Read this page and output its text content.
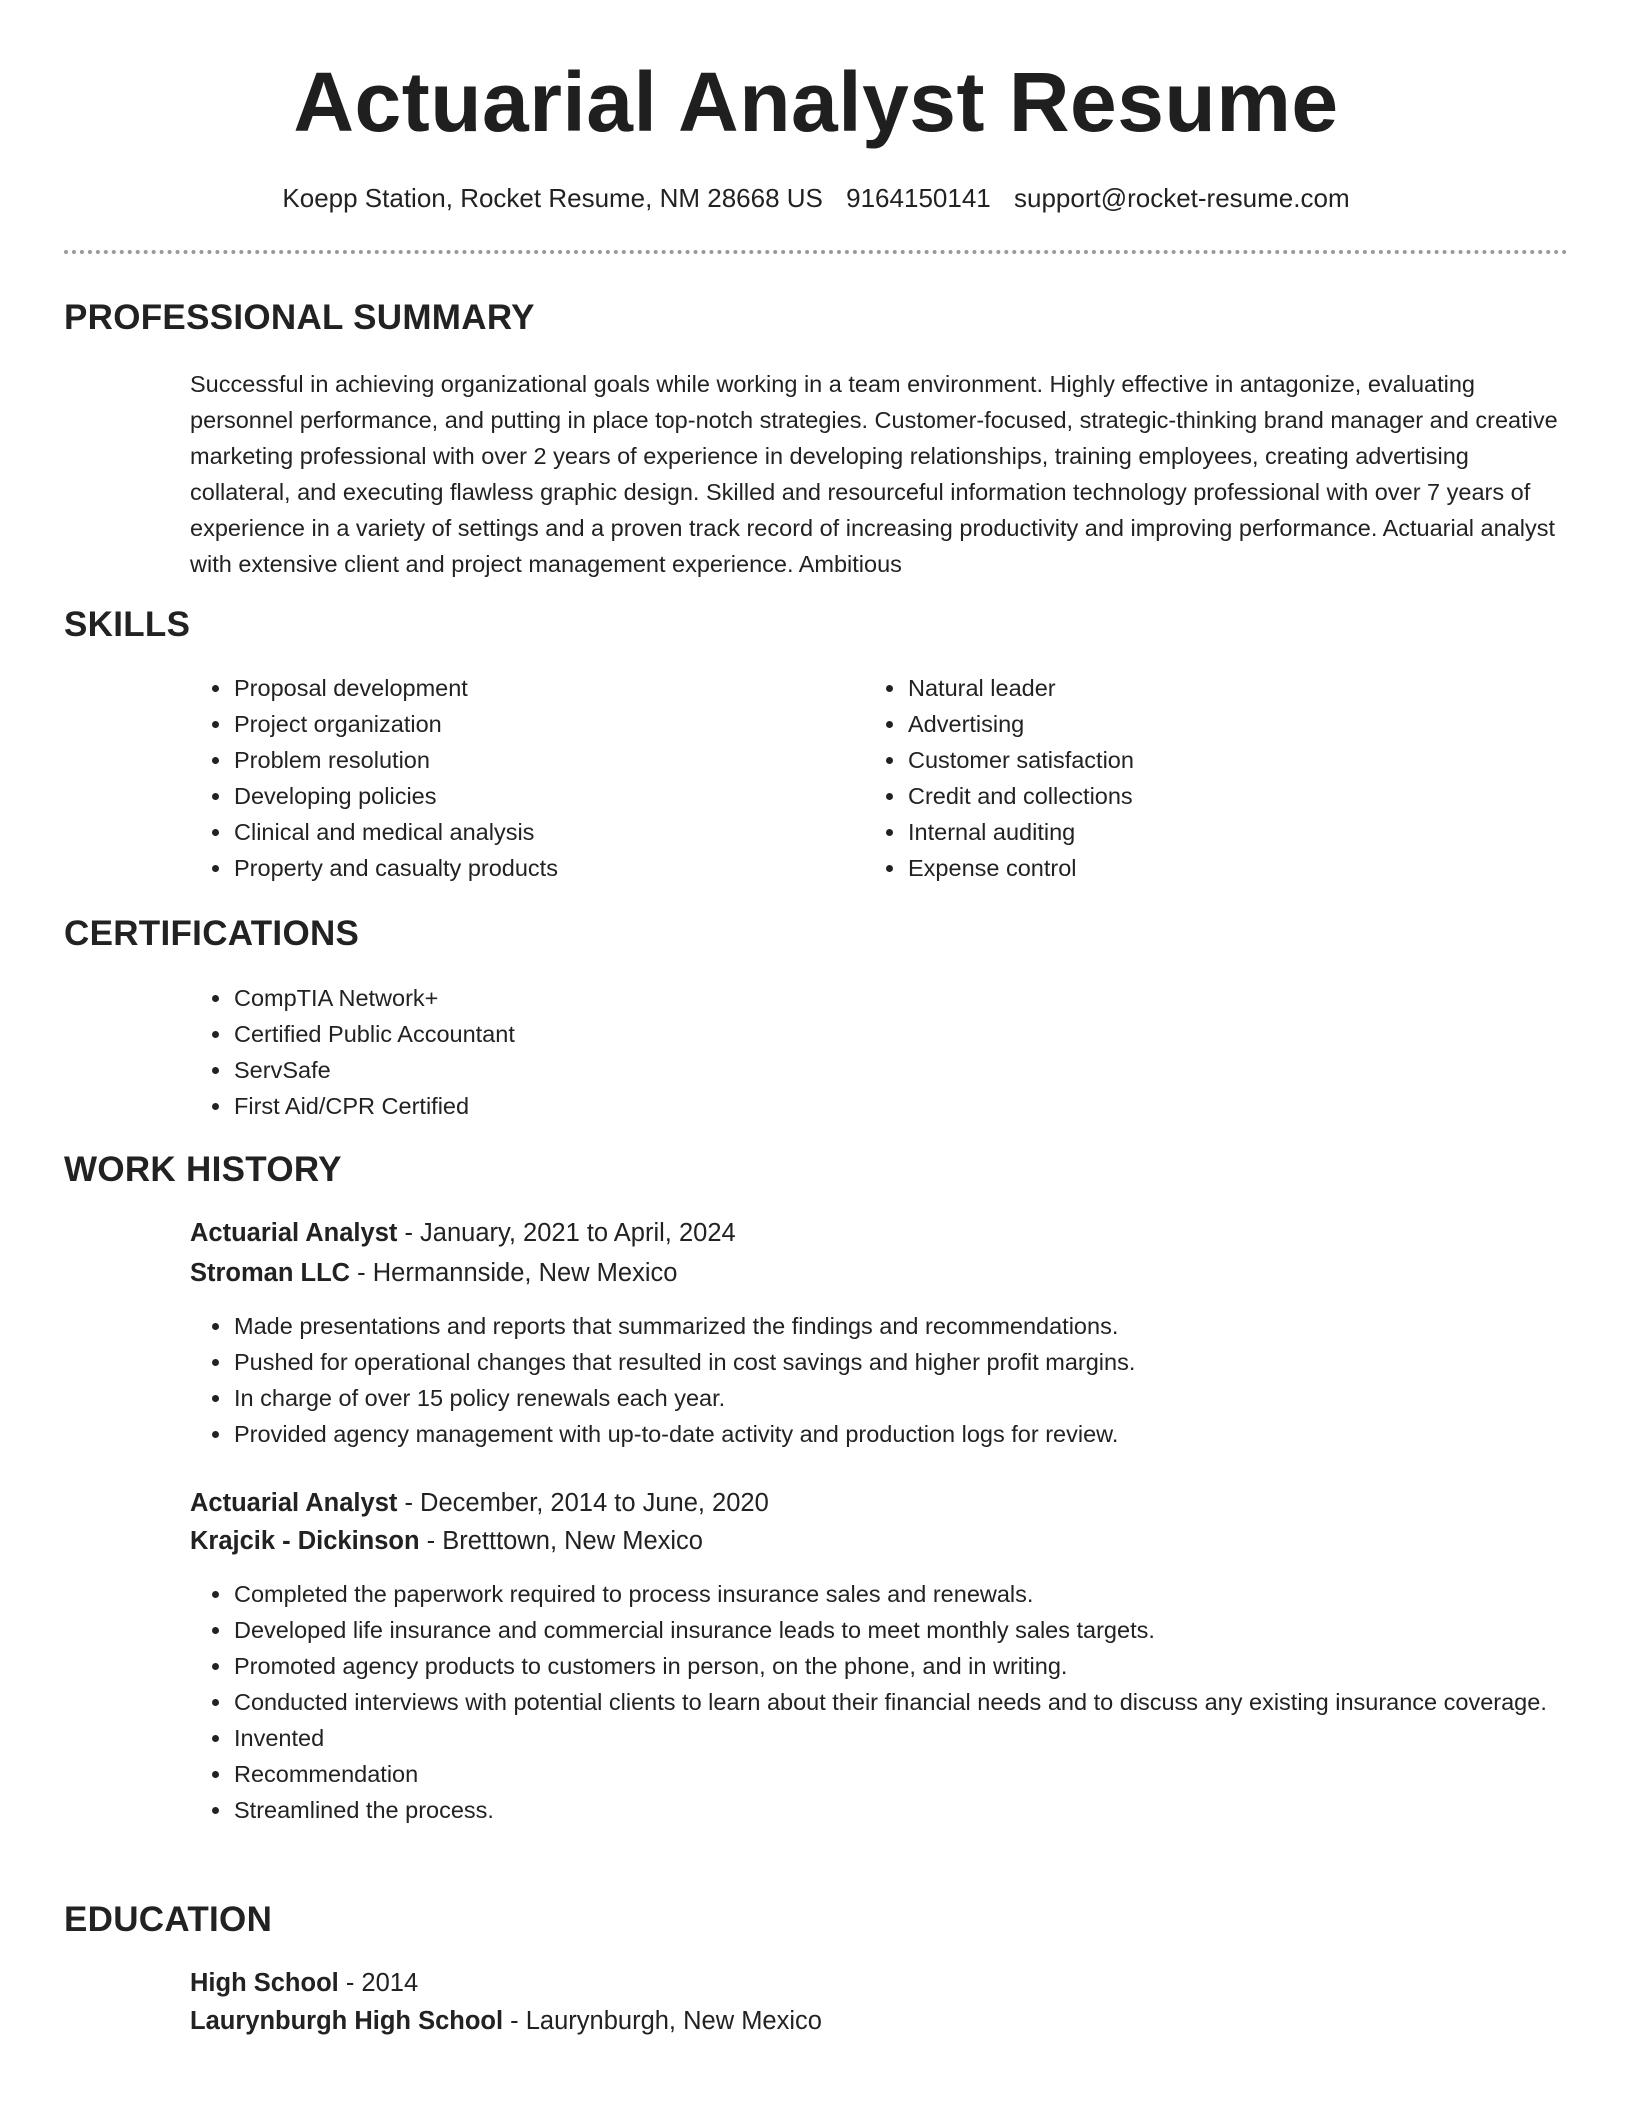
Actuarial Analyst Resume
Koepp Station, Rocket Resume, NM 28668 US 9164150141 support@rocket-resume.com
PROFESSIONAL SUMMARY

Successful in achieving organizational goals while working in a team environment. Highly effective in antagonize, evaluating personnel performance, and putting in place top-notch strategies. Customer-focused, strategic-thinking brand manager and creative marketing professional with over 2 years of experience in developing relationships, training employees, creating advertising collateral, and executing flawless graphic design. Skilled and resourceful information technology professional with over 7 years of experience in a variety of settings and a proven track record of increasing productivity and improving performance. Actuarial analyst with extensive client and project management experience. Ambitious

SKILLS
• Proposal development
• Project organization
• Problem resolution
• Developing policies
• Clinical and medical analysis
• Property and casualty products
• Natural leader
• Advertising
• Customer satisfaction
• Credit and collections
• Internal auditing
• Expense control
CERTIFICATIONS
• CompTIA Network+
• Certified Public Accountant
• ServSafe
• First Aid/CPR Certified
WORK HISTORY
Actuarial Analyst - January, 2021 to April, 2024
Stroman LLC - Hermannside, New Mexico
• Made presentations and reports that summarized the findings and recommendations.
• Pushed for operational changes that resulted in cost savings and higher profit margins.
• In charge of over 15 policy renewals each year.
• Provided agency management with up-to-date activity and production logs for review.
Actuarial Analyst - December, 2014 to June, 2020
Krajcik - Dickinson - Bretttown, New Mexico
• Completed the paperwork required to process insurance sales and renewals.
• Developed life insurance and commercial insurance leads to meet monthly sales targets.
• Promoted agency products to customers in person, on the phone, and in writing.
• Conducted interviews with potential clients to learn about their financial needs and to discuss any existing insurance coverage.
• Invented
• Recommendation
• Streamlined the process.
EDUCATION
High School - 2014
Laurynburgh High School - Laurynburgh, New Mexico
